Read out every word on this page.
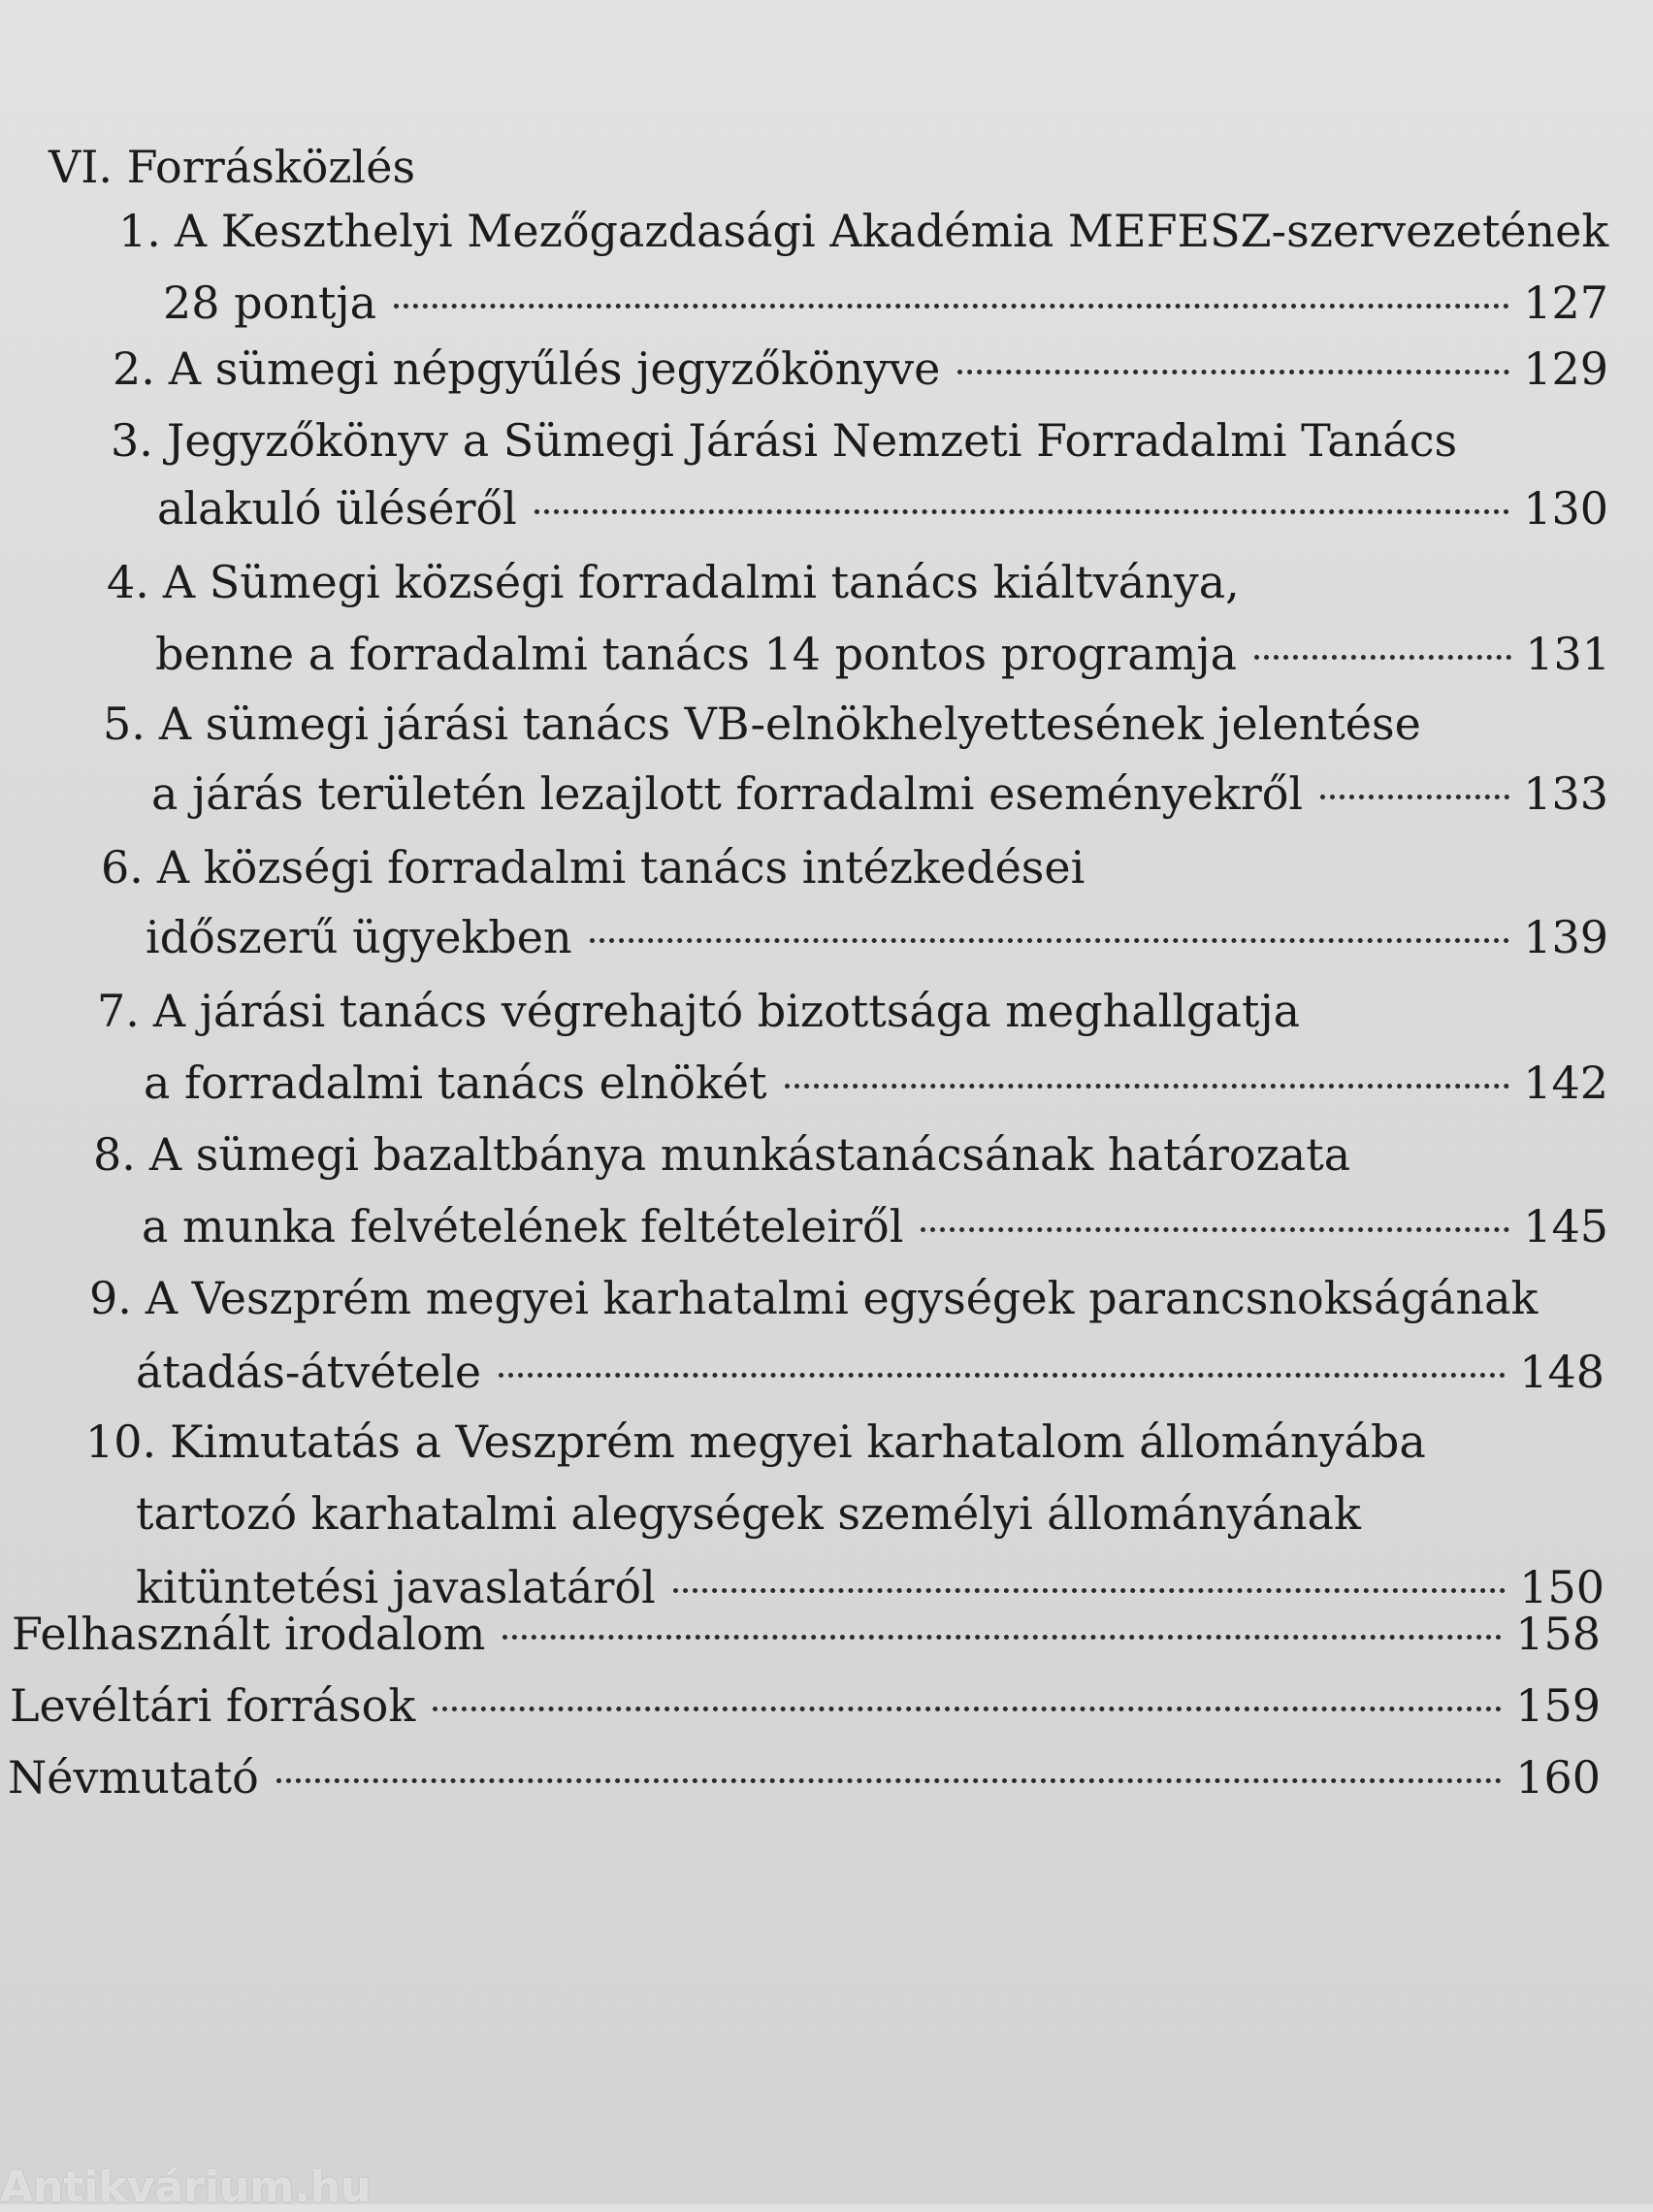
VI. Forrásközlés
1. A Keszthelyi Mezőgazdasági Akadémia MEFESZ-szervezetének
28 pontja	127
2. A sümegi népgyűlés jegyzőkönyve	129
3. Jegyzőkönyv a Sümegi Járási Nemzeti Forradalmi Tanács
alakuló üléséről	130
4. A Sümegi községi forradalmi tanács kiáltványa,
benne a forradalmi tanács 14 pontos programja	131
5. A sümegi járási tanács VB-elnökhelyettesének jelentése
a járás területén lezajlott forradalmi eseményekről	133
6. A községi forradalmi tanács intézkedései
időszerű ügyekben	139
7. A járási tanács végrehajtó bizottsága meghallgatja
a forradalmi tanács elnökét	142
8. A sümegi bazaltbánya munkástanácsának határozata
a munka felvételének feltételeiről	145
9. A Veszprém megyei karhatalmi egységek parancsnokságának
átadás-átvétele	148
10. Kimutatás a Veszprém megyei karhatalom állományába
tartozó karhatalmi alegységek személyi állományának
kitüntetési javaslatáról	150
Felhasznált irodalom	158
Levéltári források	159
Névmutató	160
Antikvárium.hu
